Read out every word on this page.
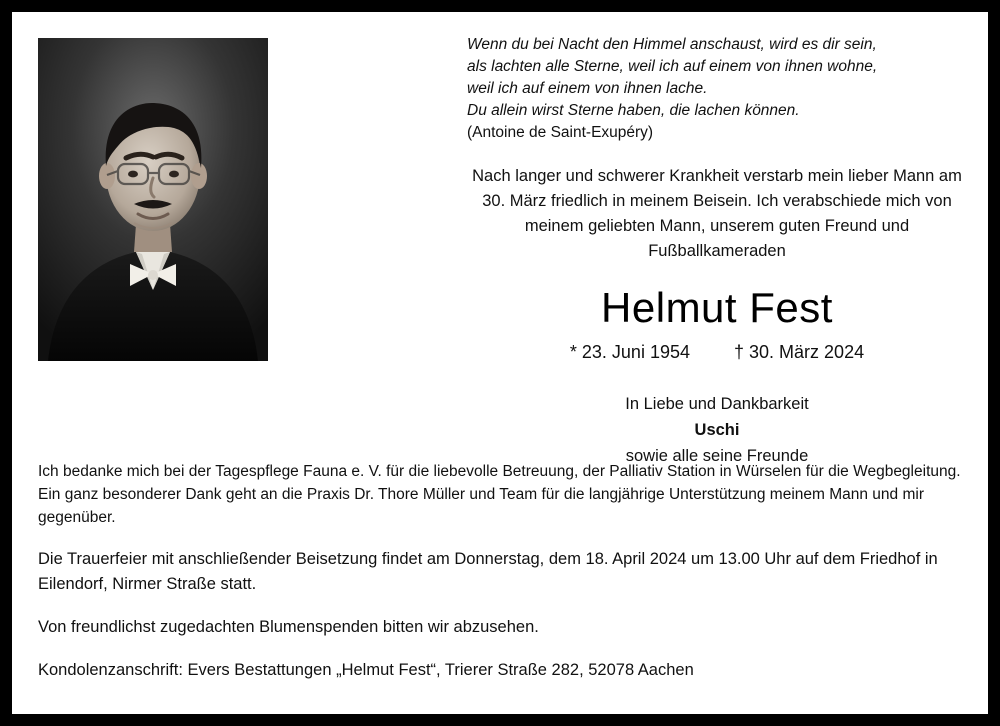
Wenn du bei Nacht den Himmel anschaust, wird es dir sein,
als lachten alle Sterne, weil ich auf einem von ihnen wohne,
weil ich auf einem von ihnen lache.
Du allein wirst Sterne haben, die lachen können.
(Antoine de Saint-Exupéry)
Nach langer und schwerer Krankheit verstarb mein lieber Mann am
30. März friedlich in meinem Beisein. Ich verabschiede mich von
meinem geliebten Mann, unserem guten Freund und Fußballkameraden
Helmut Fest
* 23. Juni 1954 † 30. März 2024
In Liebe und Dankbarkeit
Uschi
sowie alle seine Freunde

Ich bedanke mich bei der Tagespflege Fauna e. V. für die liebevolle Betreuung, der Palliativ Station in Würselen für die Wegbegleitung.

Ein ganz besonderer Dank geht an die Praxis Dr. Thore Müller und Team für die langjährige Unterstützung meinem Mann und mir gegenüber.

Die Trauerfeier mit anschließender Beisetzung findet am Donnerstag, dem 18. April 2024 um 13.00 Uhr auf dem Friedhof in Eilendorf, Nirmer Straße statt.

Von freundlichst zugedachten Blumenspenden bitten wir abzusehen.

Kondolenzanschrift: Evers Bestattungen „Helmut Fest“, Trierer Straße 282, 52078 Aachen
